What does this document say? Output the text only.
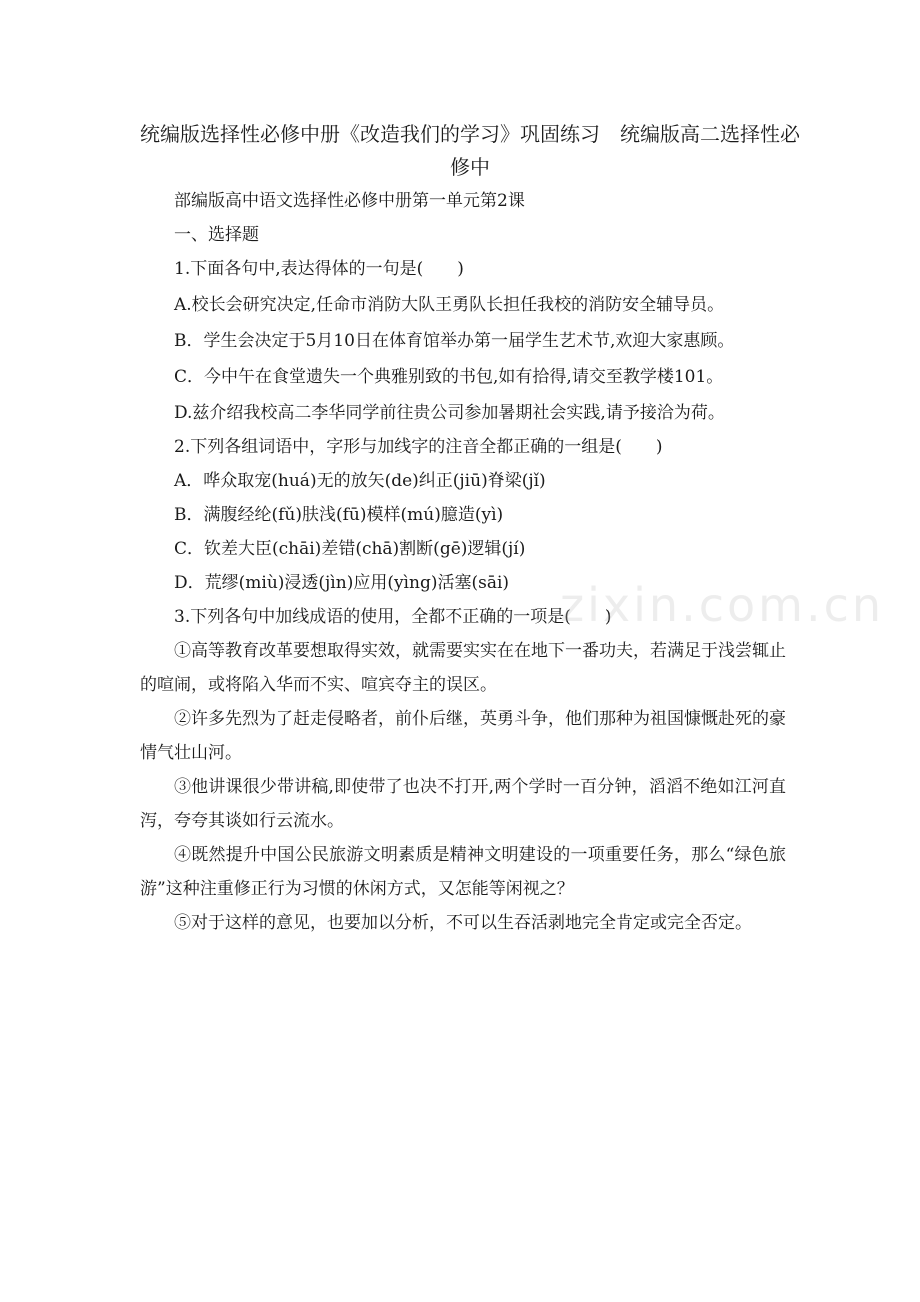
统编版选择性必修中册《改造我们的学习》巩固练习　统编版高二选择性必修中

部编版高中语文选择性必修中册第一单元第2课

一、选择题

1.下面各句中,表达得体的一句是(　　)

A.校长会研究决定,任命市消防大队王勇队长担任我校的消防安全辅导员。

B．学生会决定于5月10日在体育馆举办第一届学生艺术节,欢迎大家惠顾。

C．今中午在食堂遗失一个典雅别致的书包,如有拾得,请交至教学楼101。

D.兹介绍我校高二李华同学前往贵公司参加暑期社会实践,请予接洽为荷。

2.下列各组词语中，字形与加线字的注音全都正确的一组是(　　)

A．哗众取宠(huá)无的放矢(de)纠正(jiū)脊梁(jǐ)

B．满腹经纶(fǔ)肤浅(fū)模样(mú)臆造(yì)

C．钦差大臣(chāi)差错(chā)割断(gē)逻辑(jí)

D．荒缪(miù)浸透(jìn)应用(yìng)活塞(sāi)

3.下列各句中加线成语的使用，全都不正确的一项是(　　)

①高等教育改革要想取得实效，就需要实实在在地下一番功夫，若满足于浅尝辄止的喧闹，或将陷入华而不实、喧宾夺主的误区。

②许多先烈为了赶走侵略者，前仆后继，英勇斗争，他们那种为祖国慷慨赴死的豪情气壮山河。

③他讲课很少带讲稿,即使带了也决不打开,两个学时一百分钟，滔滔不绝如江河直泻，夸夸其谈如行云流水。

④既然提升中国公民旅游文明素质是精神文明建设的一项重要任务，那么“绿色旅游”这种注重修正行为习惯的休闲方式，又怎能等闲视之？

⑤对于这样的意见，也要加以分析，不可以生吞活剥地完全肯定或完全否定。

zixin.com.cn
